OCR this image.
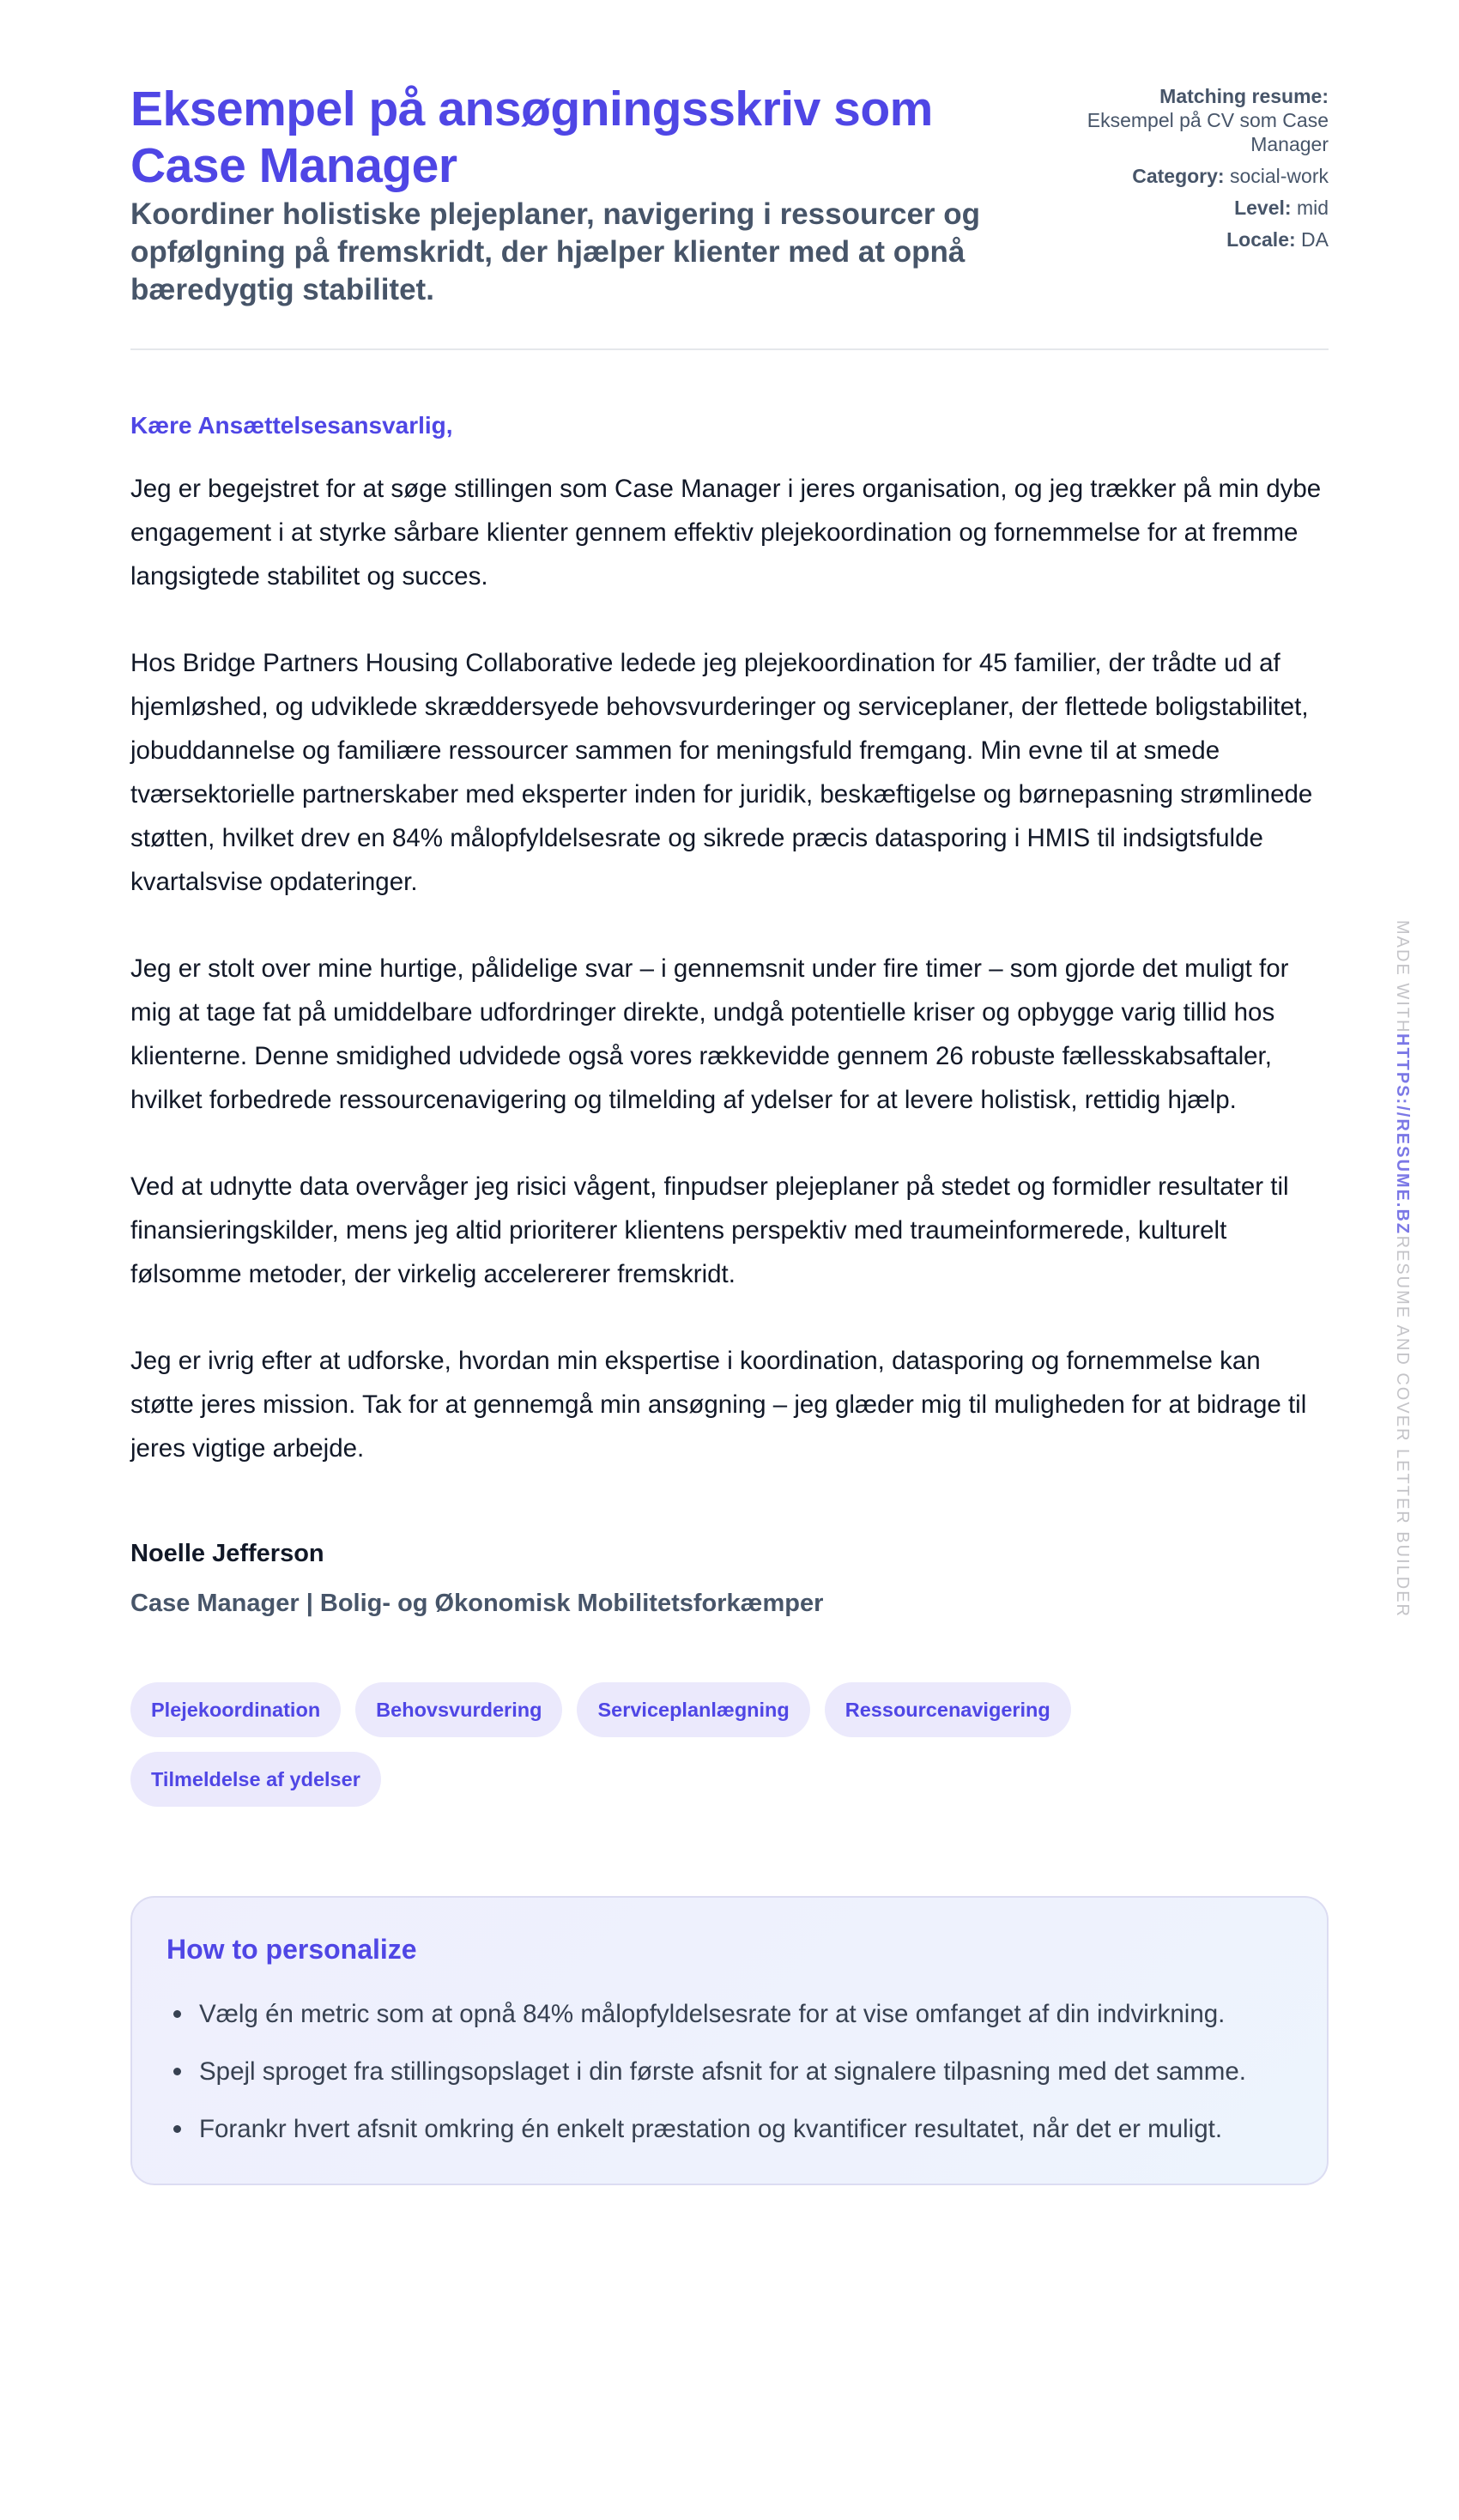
Eksempel på ansøgningsskriv som Case Manager
Koordiner holistiske plejeplaner, navigering i ressourcer og opfølgning på fremskridt, der hjælper klienter med at opnå bæredygtig stabilitet.
Matching resume:
Eksempel på CV som Case Manager
Category: social-work
Level: mid
Locale: DA

Kære Ansættelsesansvarlig,

Jeg er begejstret for at søge stillingen som Case Manager i jeres organisation, og jeg trækker på min dybe engagement i at styrke sårbare klienter gennem effektiv plejekoordination og fornemmelse for at fremme langsigtede stabilitet og succes.

Hos Bridge Partners Housing Collaborative ledede jeg plejekoordination for 45 familier, der trådte ud af hjemløshed, og udviklede skræddersyede behovsvurderinger og serviceplaner, der flettede boligstabilitet, jobuddannelse og familiære ressourcer sammen for meningsfuld fremgang. Min evne til at smede tværsektorielle partnerskaber med eksperter inden for juridik, beskæftigelse og børnepasning strømlinede støtten, hvilket drev en 84% målopfyldelsesrate og sikrede præcis datasporing i HMIS til indsigtsfulde kvartalsvise opdateringer.

Jeg er stolt over mine hurtige, pålidelige svar – i gennemsnit under fire timer – som gjorde det muligt for mig at tage fat på umiddelbare udfordringer direkte, undgå potentielle kriser og opbygge varig tillid hos klienterne. Denne smidighed udvidede også vores rækkevidde gennem 26 robuste fællesskabsaftaler, hvilket forbedrede ressourcenavigering og tilmelding af ydelser for at levere holistisk, rettidig hjælp.

Ved at udnytte data overvåger jeg risici vågent, finpudser plejeplaner på stedet og formidler resultater til finansieringskilder, mens jeg altid prioriterer klientens perspektiv med traumeinformerede, kulturelt følsomme metoder, der virkelig accelererer fremskridt.

Jeg er ivrig efter at udforske, hvordan min ekspertise i koordination, datasporing og fornemmelse kan støtte jeres mission. Tak for at gennemgå min ansøgning – jeg glæder mig til muligheden for at bidrage til jeres vigtige arbejde.

Noelle Jefferson

Case Manager | Bolig- og Økonomisk Mobilitetsforkæmper

Plejekoordination	Behovsvurdering	Serviceplanlægning	Ressourcenavigering
Tilmeldelse af ydelser
How to personalize
Vælg én metric som at opnå 84% målopfyldelsesrate for at vise omfanget af din indvirkning.
Spejl sproget fra stillingsopslaget i din første afsnit for at signalere tilpasning med det samme.
Forankr hvert afsnit omkring én enkelt præstation og kvantificer resultatet, når det er muligt.
MADE WITHHTTPS://RESUME.BZRESUME AND COVER LETTER BUILDER
